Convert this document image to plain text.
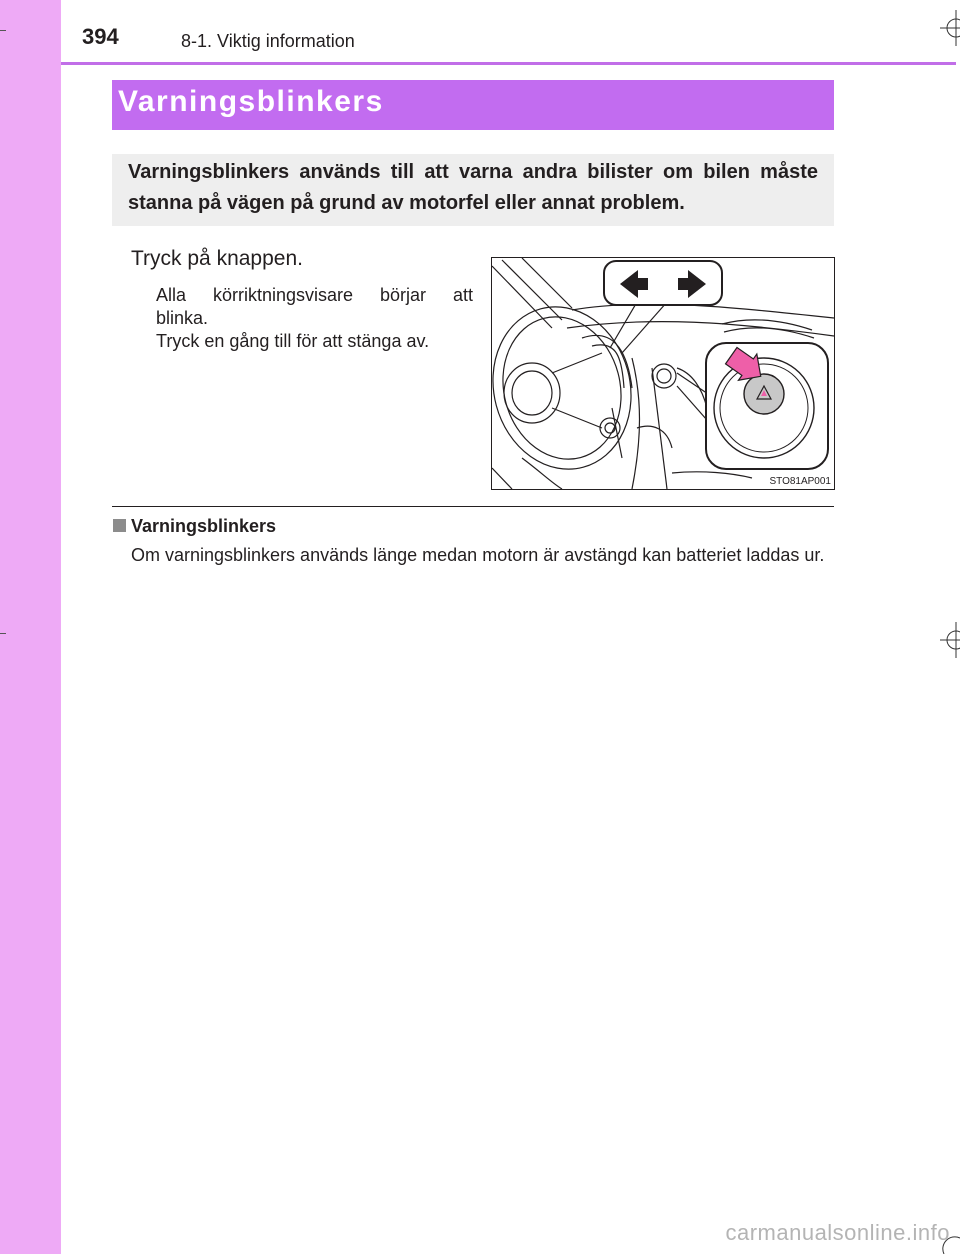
394	8-1. Viktig information
Varningsblinkers
Varningsblinkers används till att varna andra bilister om bilen måste stanna på vägen på grund av motorfel eller annat problem.
Tryck på knappen.
Alla körriktningsvisare börjar att
blinka.
Tryck en gång till för att stänga av.
STO81AP001
Varningsblinkers
Om varningsblinkers används länge medan motorn är avstängd kan batteriet laddas ur.
carmanualsonline.info
